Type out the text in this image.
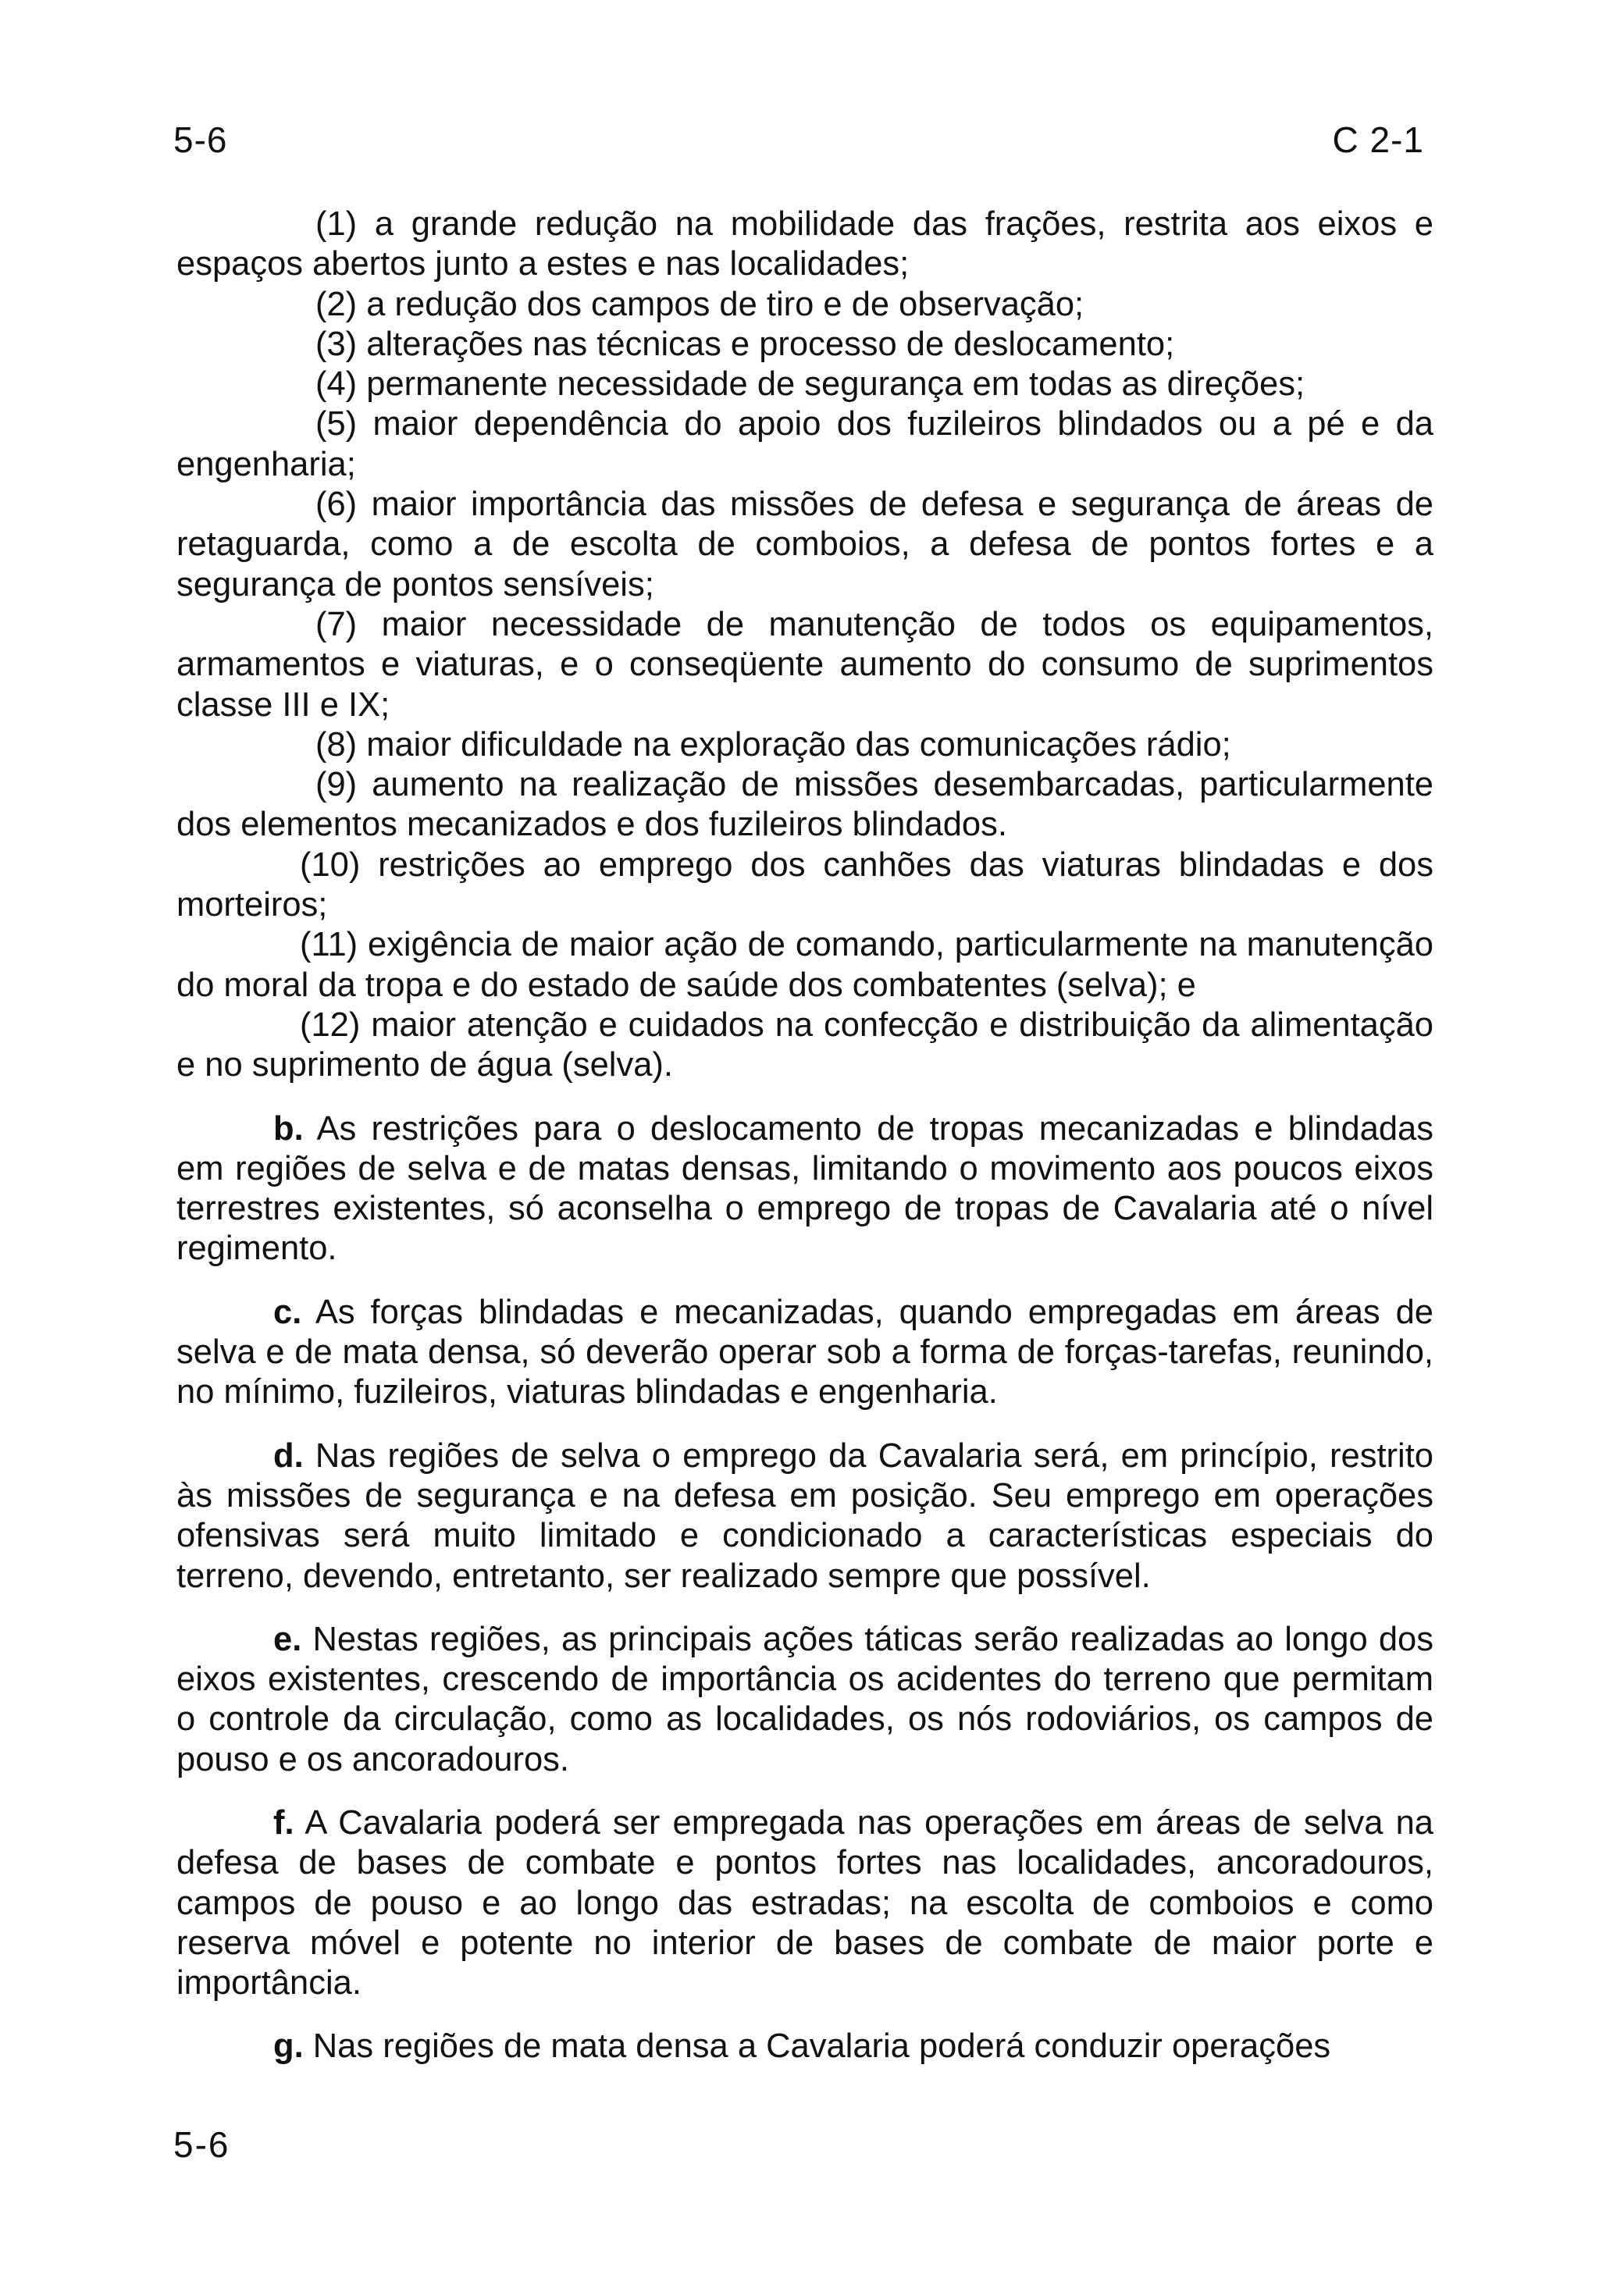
5-6	C 2-1

(1) a grande redução na mobilidade das frações, restrita aos eixos e espaços abertos junto a estes e nas localidades;

(2) a redução dos campos de tiro e de observação;

(3) alterações nas técnicas e processo de deslocamento;

(4) permanente necessidade de segurança em todas as direções;

(5) maior dependência do apoio dos fuzileiros blindados ou a pé e da engenharia;

(6) maior importância das missões de defesa e segurança de áreas de retaguarda, como a de escolta de comboios, a defesa de pontos fortes e a segurança de pontos sensíveis;

(7) maior necessidade de manutenção de todos os equipamentos, armamentos e viaturas, e o conseqüente aumento do consumo de suprimentos classe III e IX;

(8) maior dificuldade na exploração das comunicações rádio;

(9) aumento na realização de missões desembarcadas, particularmente dos elementos mecanizados e dos fuzileiros blindados.

(10) restrições ao emprego dos canhões das viaturas blindadas e dos morteiros;

(11) exigência de maior ação de comando, particularmente na manutenção do moral da tropa e do estado de saúde dos combatentes (selva); e

(12) maior atenção e cuidados na confecção e distribuição da alimentação e no suprimento de água (selva).

b. As restrições para o deslocamento de tropas mecanizadas e blindadas em regiões de selva e de matas densas, limitando o movimento aos poucos eixos terrestres existentes, só aconselha o emprego de tropas de Cavalaria até o nível regimento.

c. As forças blindadas e mecanizadas, quando empregadas em áreas de selva e de mata densa, só deverão operar sob a forma de forças-tarefas, reunindo, no mínimo, fuzileiros, viaturas blindadas e engenharia.

d. Nas regiões de selva o emprego da Cavalaria será, em princípio, restrito às missões de segurança e na defesa em posição. Seu emprego em operações ofensivas será muito limitado e condicionado a características especiais do terreno, devendo, entretanto, ser realizado sempre que possível.

e. Nestas regiões, as principais ações táticas serão realizadas ao longo dos eixos existentes, crescendo de importância os acidentes do terreno que permitam o controle da circulação, como as localidades, os nós rodoviários, os campos de pouso e os ancoradouros.

f. A Cavalaria poderá ser empregada nas operações em áreas de selva na defesa de bases de combate e pontos fortes nas localidades, ancoradouros, campos de pouso e ao longo das estradas; na escolta de comboios e como reserva móvel e potente no interior de bases de combate de maior porte e importância.

g. Nas regiões de mata densa a Cavalaria poderá conduzir operações

5-6
